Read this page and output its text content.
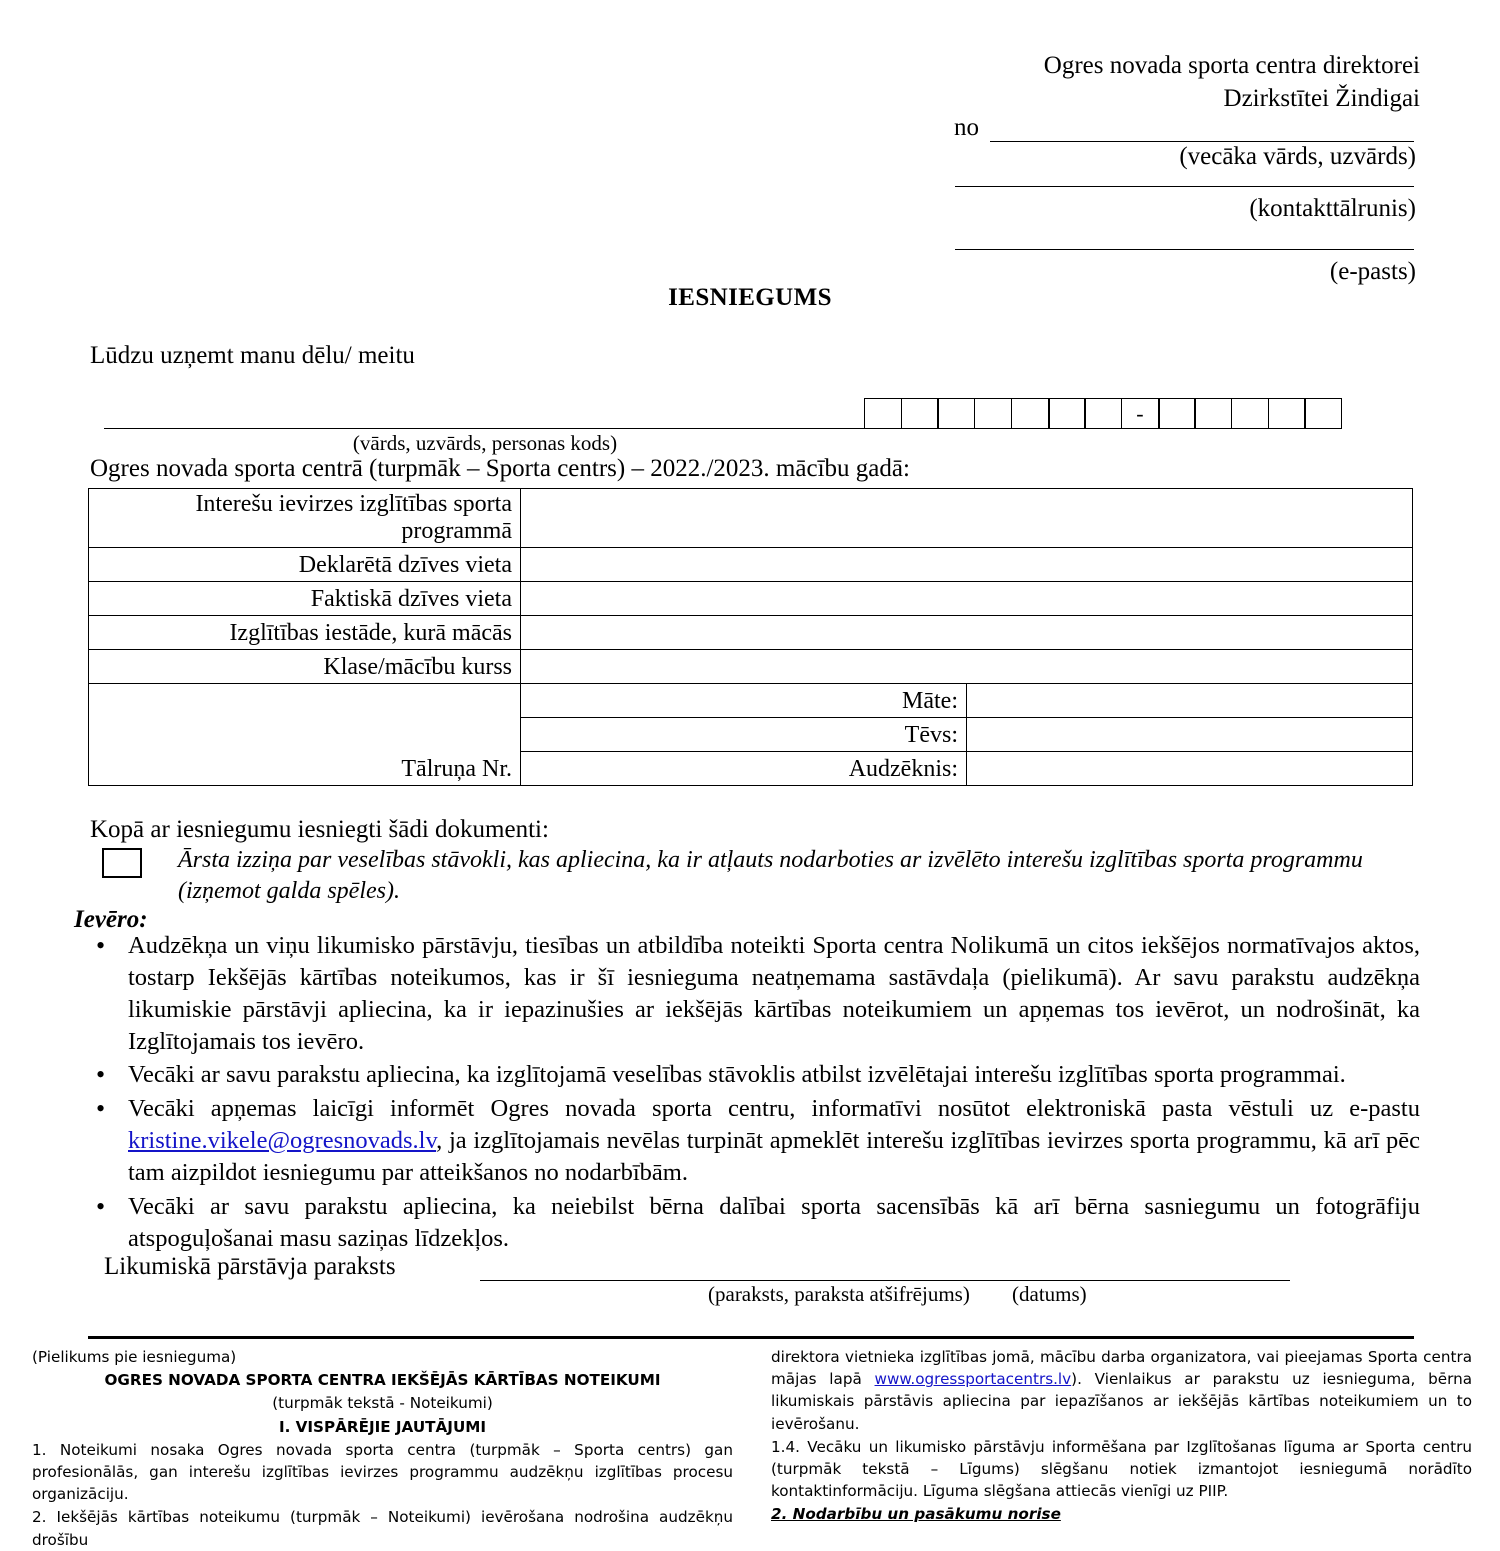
Ogres novada sporta centra direktorei
Dzirkstītei Žindigai
no
(vecāka vārds, uzvārds)
(kontakttālrunis)
(e-pasts)
IESNIEGUMS
Lūdzu uzņemt manu dēlu/ meitu
(vārds, uzvārds, personas kods)
-
Ogres novada sporta centrā (turpmāk – Sporta centrs) – 2022./2023. mācību gadā:
Interešu ievirzes izglītības sporta programmā		
Deklarētā dzīves vieta		
Faktiskā dzīves vieta		
Izglītības iestāde, kurā mācās		
Klase/mācību kurss		
Tālruņa Nr.	Māte:	
	Tēvs:	
	Audzēknis:	
Kopā ar iesniegumu iesniegti šādi dokumenti:
Ārsta izziņa par veselības stāvokli, kas apliecina, ka ir atļauts nodarboties ar izvēlēto interešu izglītības sporta programmu (izņemot galda spēles).
Ievēro:
• Audzēkņa un viņu likumisko pārstāvju, tiesības un atbildība noteikti Sporta centra Nolikumā un citos iekšējos normatīvajos aktos, tostarp Iekšējās kārtības noteikumos, kas ir šī iesnieguma neatņemama sastāvdaļa (pielikumā). Ar savu parakstu audzēkņa likumiskie pārstāvji apliecina, ka ir iepazinušies ar iekšējās kārtības noteikumiem un apņemas tos ievērot, un nodrošināt, ka Izglītojamais tos ievēro.
• Vecāki ar savu parakstu apliecina, ka izglītojamā veselības stāvoklis atbilst izvēlētajai interešu izglītības sporta programmai.
• Vecāki apņemas laicīgi informēt Ogres novada sporta centru, informatīvi nosūtot elektroniskā pasta vēstuli uz e-pastu kristine.vikele@ogresnovads.lv, ja izglītojamais nevēlas turpināt apmeklēt interešu izglītības ievirzes sporta programmu, kā arī pēc tam aizpildot iesniegumu par atteikšanos no nodarbībām.
• Vecāki ar savu parakstu apliecina, ka neiebilst bērna dalībai sporta sacensībās kā arī bērna sasniegumu un fotogrāfiju atspoguļošanai masu saziņas līdzekļos.
Likumiskā pārstāvja paraksts
(paraksts, paraksta atšifrējums) (datums)

(Pielikums pie iesnieguma)

OGRES NOVADA SPORTA CENTRA IEKŠĒJĀS KĀRTĪBAS NOTEIKUMI

(turpmāk tekstā - Noteikumi)

I. VISPĀRĒJIE JAUTĀJUMI

1. Noteikumi nosaka Ogres novada sporta centra (turpmāk – Sporta centrs) gan profesionālās, gan interešu izglītības ievirzes programmu audzēkņu izglītības procesu organizāciju.

2. Iekšējās kārtības noteikumu (turpmāk – Noteikumi) ievērošana nodrošina audzēkņu drošību

direktora vietnieka izglītības jomā, mācību darba organizatora, vai pieejamas Sporta centra mājas lapā www.ogressportacentrs.lv). Vienlaikus ar parakstu uz iesnieguma, bērna likumiskais pārstāvis apliecina par iepazīšanos ar iekšējās kārtības noteikumiem un to ievērošanu.

1.4. Vecāku un likumisko pārstāvju informēšana par Izglītošanas līguma ar Sporta centru (turpmāk tekstā – Līgums) slēgšanu notiek izmantojot iesniegumā norādīto kontaktinformāciju. Līguma slēgšana attiecās vienīgi uz PIIP.

2. Nodarbību un pasākumu norise
